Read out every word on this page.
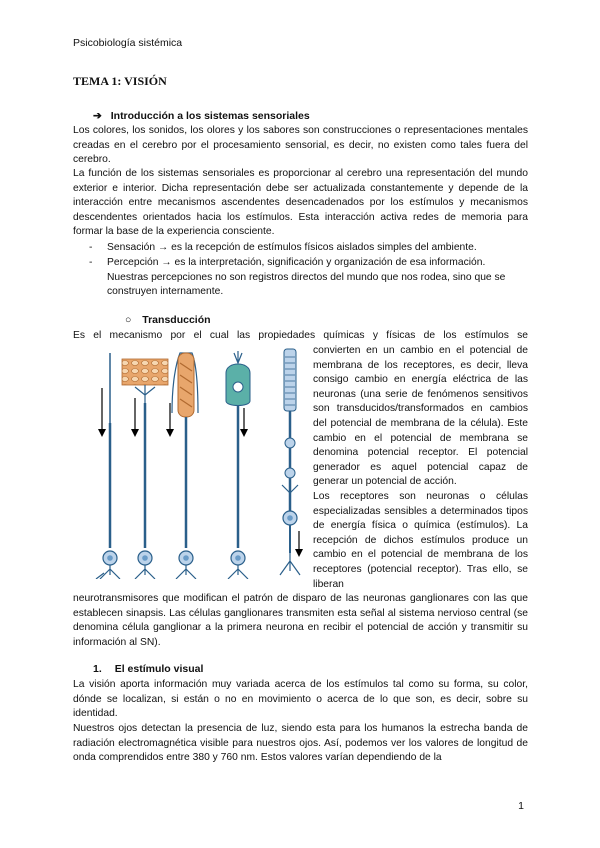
Psicobiología sistémica
TEMA 1: VISIÓN
➔ Introducción a los sistemas sensoriales
Los colores, los sonidos, los olores y los sabores son construcciones o representaciones mentales creadas en el cerebro por el procesamiento sensorial, es decir, no existen como tales fuera del cerebro.
La función de los sistemas sensoriales es proporcionar al cerebro una representación del mundo exterior e interior. Dicha representación debe ser actualizada constantemente y depende de la interacción entre mecanismos ascendentes desencadenados por los estímulos y mecanismos descendentes orientados hacia los estímulos. Esta interacción activa redes de memoria para formar la base de la experiencia consciente.
- Sensación → es la recepción de estímulos físicos aislados simples del ambiente.
- Percepción → es la interpretación, significación y organización de esa información. Nuestras percepciones no son registros directos del mundo que nos rodea, sino que se construyen internamente.
○ Transducción
Es el mecanismo por el cual las propiedades químicas y físicas de los estímulos se
convierten en un cambio en el potencial de membrana de los receptores, es decir, lleva consigo cambio en energía eléctrica de las neuronas (una serie de fenómenos sensitivos son transducidos/transformados en cambios del potencial de membrana de la célula). Este cambio en el potencial de membrana se denomina potencial receptor. El potencial generador es aquel potencial capaz de generar un potencial de acción.
Los receptores son neuronas o células especializadas sensibles a determinados tipos de energía física o química (estímulos). La recepción de dichos estímulos produce un cambio en el potencial de membrana de los receptores (potencial receptor). Tras ello, se liberan
neurotransmisores que modifican el patrón de disparo de las neuronas ganglionares con las que establecen sinapsis. Las células ganglionares transmiten esta señal al sistema nervioso central (se denomina célula ganglionar a la primera neurona en recibir el potencial de acción y transmitir su información al SN).
1. El estímulo visual
La visión aporta información muy variada acerca de los estímulos tal como su forma, su color, dónde se localizan, si están o no en movimiento o acerca de lo que son, es decir, sobre su identidad.
Nuestros ojos detectan la presencia de luz, siendo esta para los humanos la estrecha banda de radiación electromagnética visible para nuestros ojos. Así, podemos ver los valores de longitud de onda comprendidos entre 380 y 760 nm. Estos valores varían dependiendo de la
1
